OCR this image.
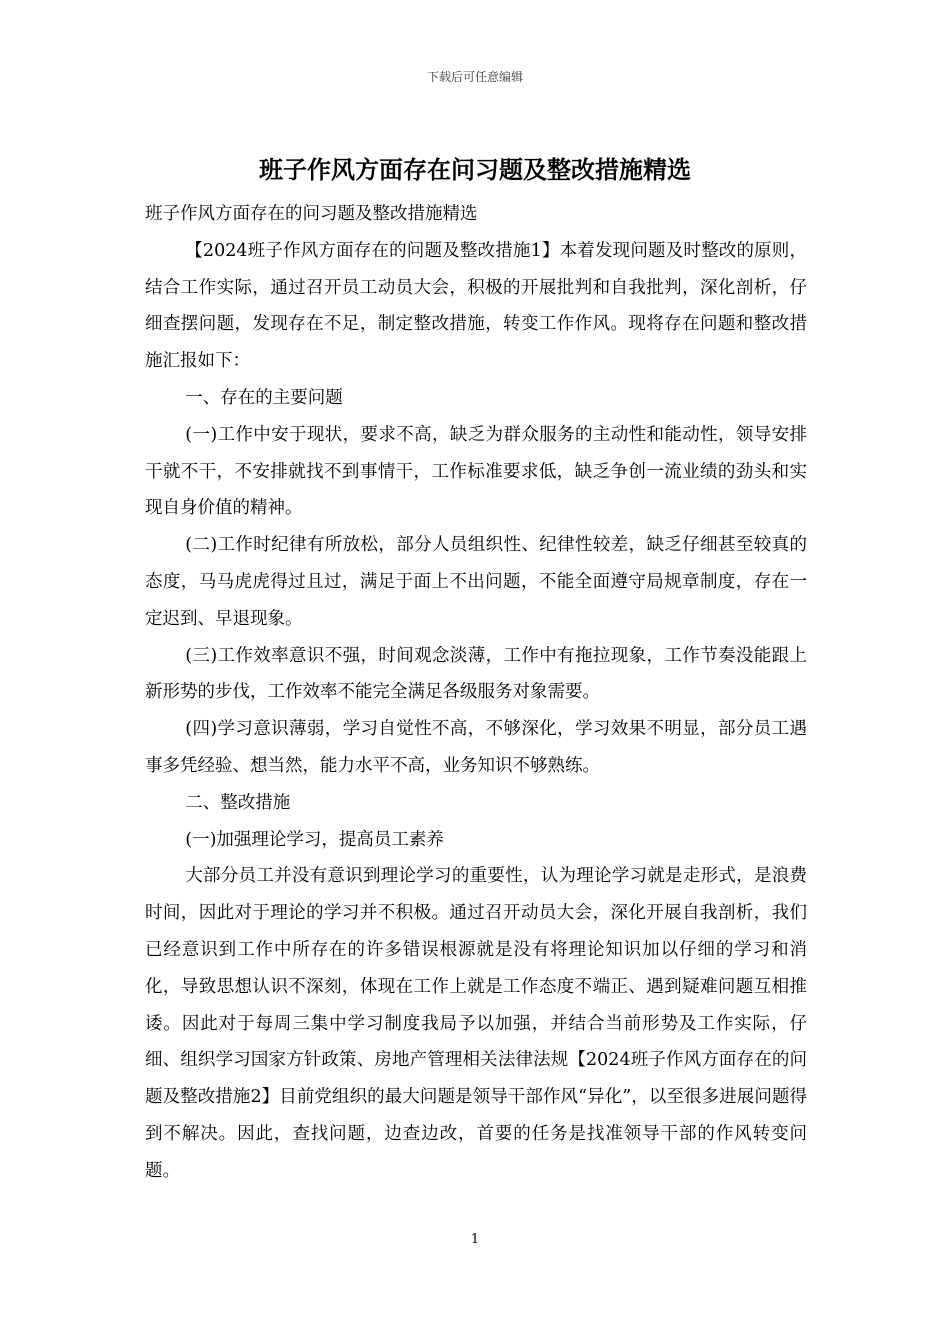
下载后可任意编辑
班子作风方面存在问习题及整改措施精选

班子作风方面存在的问习题及整改措施精选

【2024班子作风方面存在的问题及整改措施1】本着发现问题及时整改的原则，结合工作实际，通过召开员工动员大会，积极的开展批判和自我批判，深化剖析，仔细查摆问题，发现存在不足，制定整改措施，转变工作作风。现将存在问题和整改措施汇报如下：

一、存在的主要问题

(一)工作中安于现状，要求不高，缺乏为群众服务的主动性和能动性，领导安排干就不干，不安排就找不到事情干，工作标准要求低，缺乏争创一流业绩的劲头和实现自身价值的精神。

(二)工作时纪律有所放松，部分人员组织性、纪律性较差，缺乏仔细甚至较真的态度，马马虎虎得过且过，满足于面上不出问题，不能全面遵守局规章制度，存在一定迟到、早退现象。

(三)工作效率意识不强，时间观念淡薄，工作中有拖拉现象，工作节奏没能跟上新形势的步伐，工作效率不能完全满足各级服务对象需要。

(四)学习意识薄弱，学习自觉性不高，不够深化，学习效果不明显，部分员工遇事多凭经验、想当然，能力水平不高，业务知识不够熟练。

二、整改措施

(一)加强理论学习，提高员工素养

大部分员工并没有意识到理论学习的重要性，认为理论学习就是走形式，是浪费时间，因此对于理论的学习并不积极。通过召开动员大会，深化开展自我剖析，我们已经意识到工作中所存在的许多错误根源就是没有将理论知识加以仔细的学习和消化，导致思想认识不深刻，体现在工作上就是工作态度不端正、遇到疑难问题互相推诿。因此对于每周三集中学习制度我局予以加强，并结合当前形势及工作实际，仔细、组织学习国家方针政策、房地产管理相关法律法规【2024班子作风方面存在的问题及整改措施2】目前党组织的最大问题是领导干部作风“异化”，以至很多进展问题得到不解决。因此，查找问题，边查边改，首要的任务是找准领导干部的作风转变问题。

1
